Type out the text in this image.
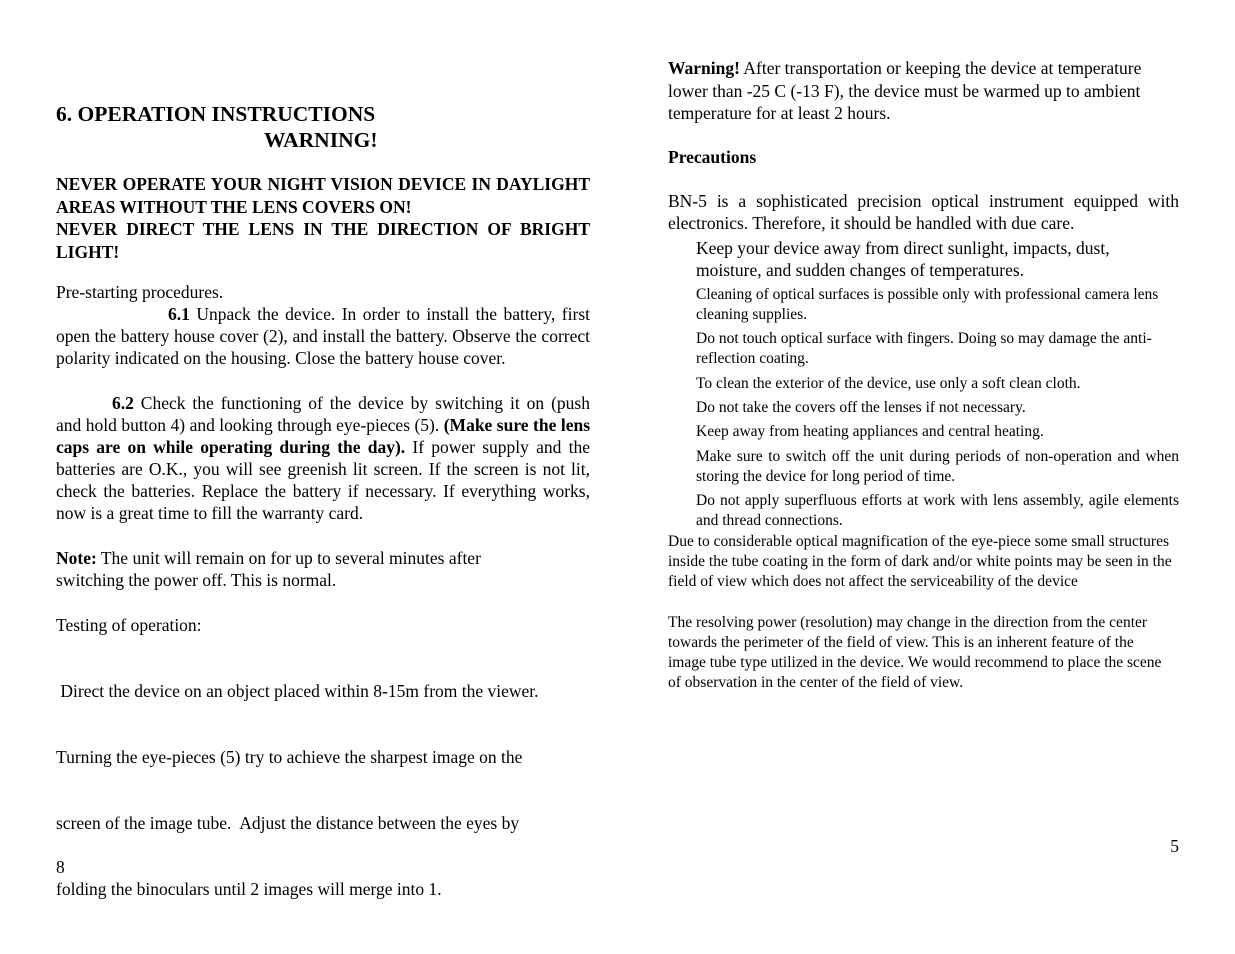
6. OPERATION INSTRUCTIONS
WARNING!
NEVER OPERATE YOUR NIGHT VISION DEVICE IN DAYLIGHT AREAS WITHOUT THE LENS COVERS ON!
NEVER DIRECT THE LENS IN THE DIRECTION OF BRIGHT LIGHT!
Pre-starting procedures.
6.1 Unpack the device. In order to install the battery, first open the battery house cover (2), and install the battery. Observe the correct polarity indicated on the housing. Close the battery house cover.
6.2 Check the functioning of the device by switching it on (push and hold button 4) and looking through eye-pieces (5). (Make sure the lens caps are on while operating during the day). If power supply and the batteries are O.K., you will see greenish lit screen. If the screen is not lit, check the batteries. Replace the battery if necessary. If everything works, now is a great time to fill the warranty card.
Note: The unit will remain on for up to several minutes after
switching the power off. This is normal.
Testing of operation:

Direct the device on an object placed within 8-15m from the viewer.

Turning the eye-pieces (5) try to achieve the sharpest image on the

screen of the image tube.  Adjust the distance between the eyes by

folding the binoculars until 2 images will merge into 1.

8
Warning! After transportation or keeping the device at temperature lower than -25 C (-13 F), the device must be warmed up to ambient temperature for at least 2 hours.
Precautions
BN-5 is a sophisticated precision optical instrument equipped with electronics. Therefore, it should be handled with due care.
Keep your device away from direct sunlight, impacts, dust, moisture, and sudden changes of temperatures.
Cleaning of optical surfaces is possible only with professional camera lens cleaning supplies.
Do not touch optical surface with fingers. Doing so may damage the anti-reflection coating.
To clean the exterior of the device, use only a soft clean cloth.
Do not take the covers off the lenses if not necessary.
Keep away from heating appliances and central heating.
Make sure to switch off the unit during periods of non-operation and when storing the device for long period of time.
Do not apply superfluous efforts at work with lens assembly, agile elements and thread connections.
Due to considerable optical magnification of the eye-piece some small structures inside the tube coating in the form of dark and/or white points may be seen in the field of view which does not affect the serviceability of the device
The resolving power (resolution) may change in the direction from the center towards the perimeter of the field of view. This is an inherent feature of the image tube type utilized in the device. We would recommend to place the scene of observation in the center of the field of view.
5
